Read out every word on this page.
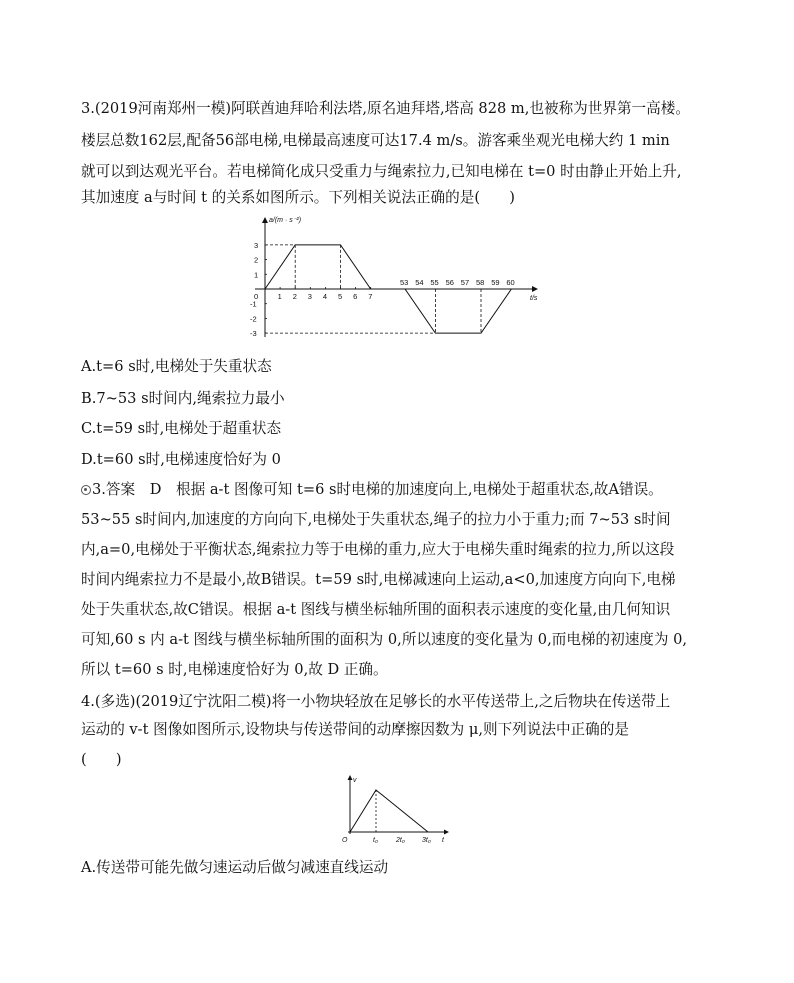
3.(2019河南郑州一模)阿联酋迪拜哈利法塔,原名迪拜塔,塔高 828 m,也被称为世界第一高楼。
楼层总数162层,配备56部电梯,电梯最高速度可达17.4 m/s。游客乘坐观光电梯大约 1 min
就可以到达观光平台。若电梯简化成只受重力与绳索拉力,已知电梯在 t=0 时由静止开始上升,
其加速度 a与时间 t 的关系如图所示。下列相关说法正确的是(　　)
1 2 3 4 5 6 7
53 54 55 56 57 58 59 60
3
2
1
0
-1
-2
-3
a/(m · s⁻²)
t/s
A.t=6 s时,电梯处于失重状态
B.7~53 s时间内,绳索拉力最小
C.t=59 s时,电梯处于超重状态
D.t=60 s时,电梯速度恰好为 0
3.答案　D　根据 a-t 图像可知 t=6 s时电梯的加速度向上,电梯处于超重状态,故A错误。
53~55 s时间内,加速度的方向向下,电梯处于失重状态,绳子的拉力小于重力;而 7~53 s时间
内,a=0,电梯处于平衡状态,绳索拉力等于电梯的重力,应大于电梯失重时绳索的拉力,所以这段
时间内绳索拉力不是最小,故B错误。t=59 s时,电梯减速向上运动,a<0,加速度方向向下,电梯
处于失重状态,故C错误。根据 a-t 图线与横坐标轴所围的面积表示速度的变化量,由几何知识
可知,60 s 内 a-t 图线与横坐标轴所围的面积为 0,所以速度的变化量为 0,而电梯的初速度为 0,
所以 t=60 s 时,电梯速度恰好为 0,故 D 正确。
4.(多选)(2019辽宁沈阳二模)将一小物块轻放在足够长的水平传送带上,之后物块在传送带上
运动的 v-t 图像如图所示,设物块与传送带间的动摩擦因数为 μ,则下列说法中正确的是
(　　)
t₀	2t₀ 3t₀
v
t
O
A.传送带可能先做匀速运动后做匀减速直线运动
